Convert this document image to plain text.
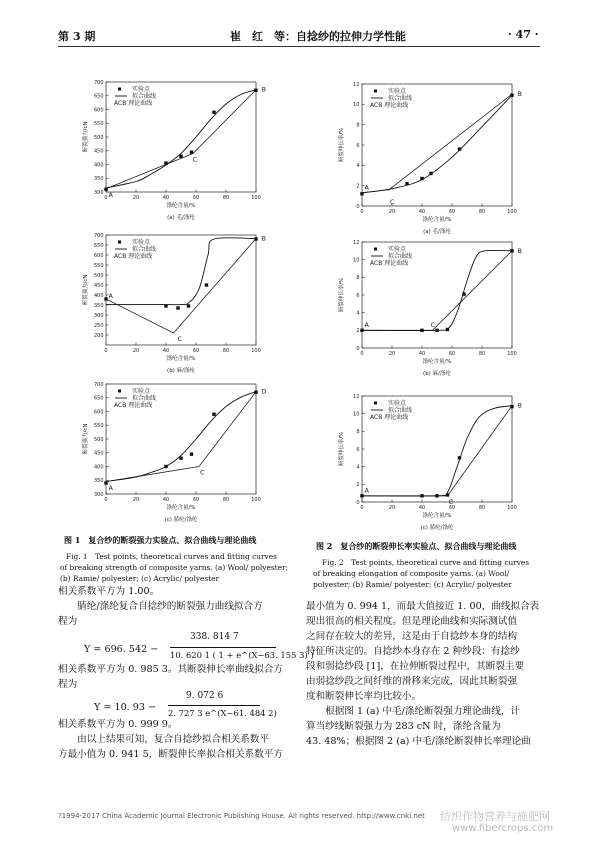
第 3 期	崔　红　等：自捻纱的拉伸力学性能	· 47 ·
0	20	40	60	80	100
300
350
400
450
500
550
600
650
700
涤纶含量/%
断裂强力/cN
(a) 毛/涤纶
A
C
B
实验点
拟合曲线
ACB 理论曲线
0	20	40	60	80	100
200
250
300
350
400
450
500
550
600
650
700
涤纶含量/%
断裂强力/cN
(b) 麻/涤纶
A
C
B
实验点
拟合曲线
ACB 理论曲线
0	20	40	60	80	100
300
350
400
450
500
550
600
650
700
涤纶含量/%
断裂强力/cN
(c) 腈纶/涤纶
A
C
D
实验点
拟合曲线
ACB 理论曲线
0	20	40	60	80	100
0
2
4
6
8
10
12
涤纶含量/%
断裂伸长率/%
(a) 毛/涤纶
A
C
B
实验点
拟合曲线
ACB 理论曲线
0	20	40	60	80	100
0
2
4
6
8
10
12
涤纶含量/%
断裂伸长率/%
(b) 麻/涤纶
A	C
B
实验点
拟合曲线
ACB 理论曲线
0	20	40	60	80	100
0
2
4
6
8
10
12
涤纶含量/%
断裂伸长率/%
(c) 腈纶/涤纶
A
C
B
实验点
拟合曲线
ACB 理论曲线
图 1　复合纱的断裂强力实验点、拟合曲线与理论曲线
Fig. 1　Test points, theoretical curves and fitting curves
of breaking strength of composite yarns. (a) Wool/ polyester;
(b) Ramie/ polyester; (c) Acrylic/ polyester
图 2　复合纱的断裂伸长率实验点、拟合曲线与理论曲线
Fig. 2　Test points, theoretical curve and fitting curves
of breaking elongation of composite yarns. (a) Wool/
polyester; (b) Ramie/ polyester; (c) Acrylic/ polyester
相关系数平方为 1.00。
　　腈纶/涤纶复合自捻纱的断裂强力曲线拟合方
程为
Y = 696. 542 −
338. 814 7
10. 620 1 ( 1 + e^(X−63. 155 3) )
相关系数平方为 0. 985 3。其断裂伸长率曲线拟合方
程为
Y = 10. 93 −
9. 072 6
2. 727 3 e^(X−61. 484 2)
相关系数平方为 0. 999 9。
　　由以上结果可知，复合自捻纱拟合相关系数平
方最小值为 0. 941 5，断裂伸长率拟合相关系数平方
最小值为 0. 994 1，而最大值接近 1. 00，曲线拟合表
现出很高的相关程度。但是理论曲线和实际测试值
之间存在较大的差异，这是由于自捻纱本身的结构
特征所决定的。自捻纱本身存在 2 种纱段：有捻纱
段和弱捻纱段 [1]，在拉伸断裂过程中，其断裂主要
由弱捻纱段之间纤维的滑移来完成，因此其断裂强
度和断裂伸长率均比较小。
　　根据图 1 (a) 中毛/涤纶断裂强力理论曲线，计
算当纱线断裂强力为 283 cN 时，涤纶含量为
43. 48%；根据图 2 (a) 中毛/涤纶断裂伸长率理论曲
?1994-2017 China Academic Journal Electronic Publishing House. All rights reserved. http://www.cnki.net 纺织作物营养与施肥网
www.fibercrops.com
